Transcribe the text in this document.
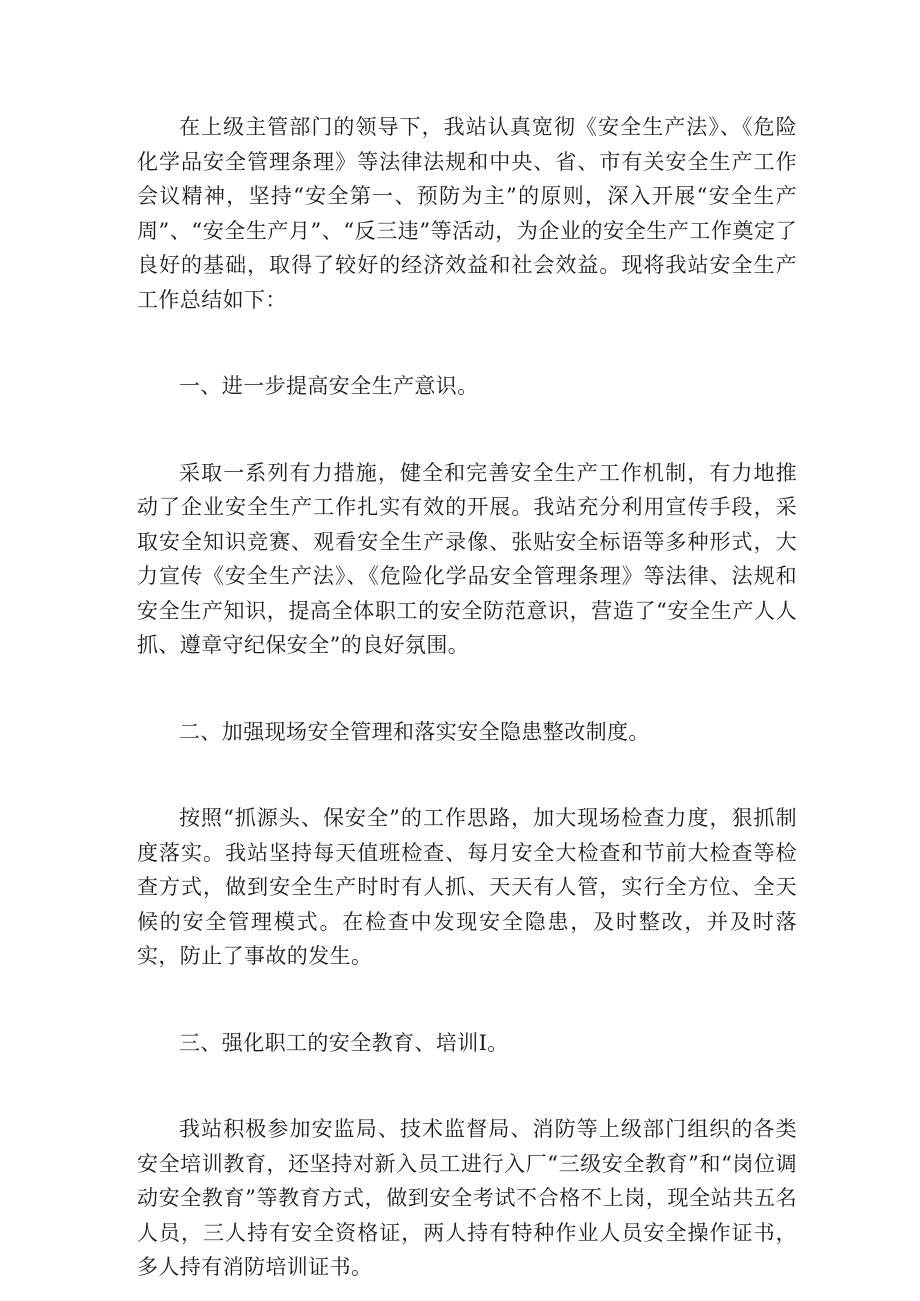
在上级主管部门的领导下，我站认真宽彻《安全生产法》、《危险化学品安全管理条理》等法律法规和中央、省、市有关安全生产工作会议精神，坚持“安全第一、预防为主”的原则，深入开展“安全生产周”、“安全生产月”、“反三违”等活动，为企业的安全生产工作奠定了良好的基础，取得了较好的经济效益和社会效益。现将我站安全生产工作总结如下：

一、进一步提高安全生产意识。

采取一系列有力措施，健全和完善安全生产工作机制，有力地推动了企业安全生产工作扎实有效的开展。我站充分利用宣传手段，采取安全知识竞赛、观看安全生产录像、张贴安全标语等多种形式，大力宣传《安全生产法》、《危险化学品安全管理条理》等法律、法规和安全生产知识，提高全体职工的安全防范意识，营造了“安全生产人人抓、遵章守纪保安全”的良好氛围。

二、加强现场安全管理和落实安全隐患整改制度。

按照“抓源头、保安全”的工作思路，加大现场检查力度，狠抓制度落实。我站坚持每天值班检查、每月安全大检查和节前大检查等检查方式，做到安全生产时时有人抓、天天有人管，实行全方位、全天候的安全管理模式。在检查中发现安全隐患，及时整改，并及时落实，防止了事故的发生。

三、强化职工的安全教育、培训Ⅰ。

我站积极参加安监局、技术监督局、消防等上级部门组织的各类安全培训教育，还坚持对新入员工进行入厂“三级安全教育”和“岗位调动安全教育”等教育方式，做到安全考试不合格不上岗，现全站共五名人员，三人持有安全资格证，两人持有特种作业人员安全操作证书，多人持有消防培训证书。
